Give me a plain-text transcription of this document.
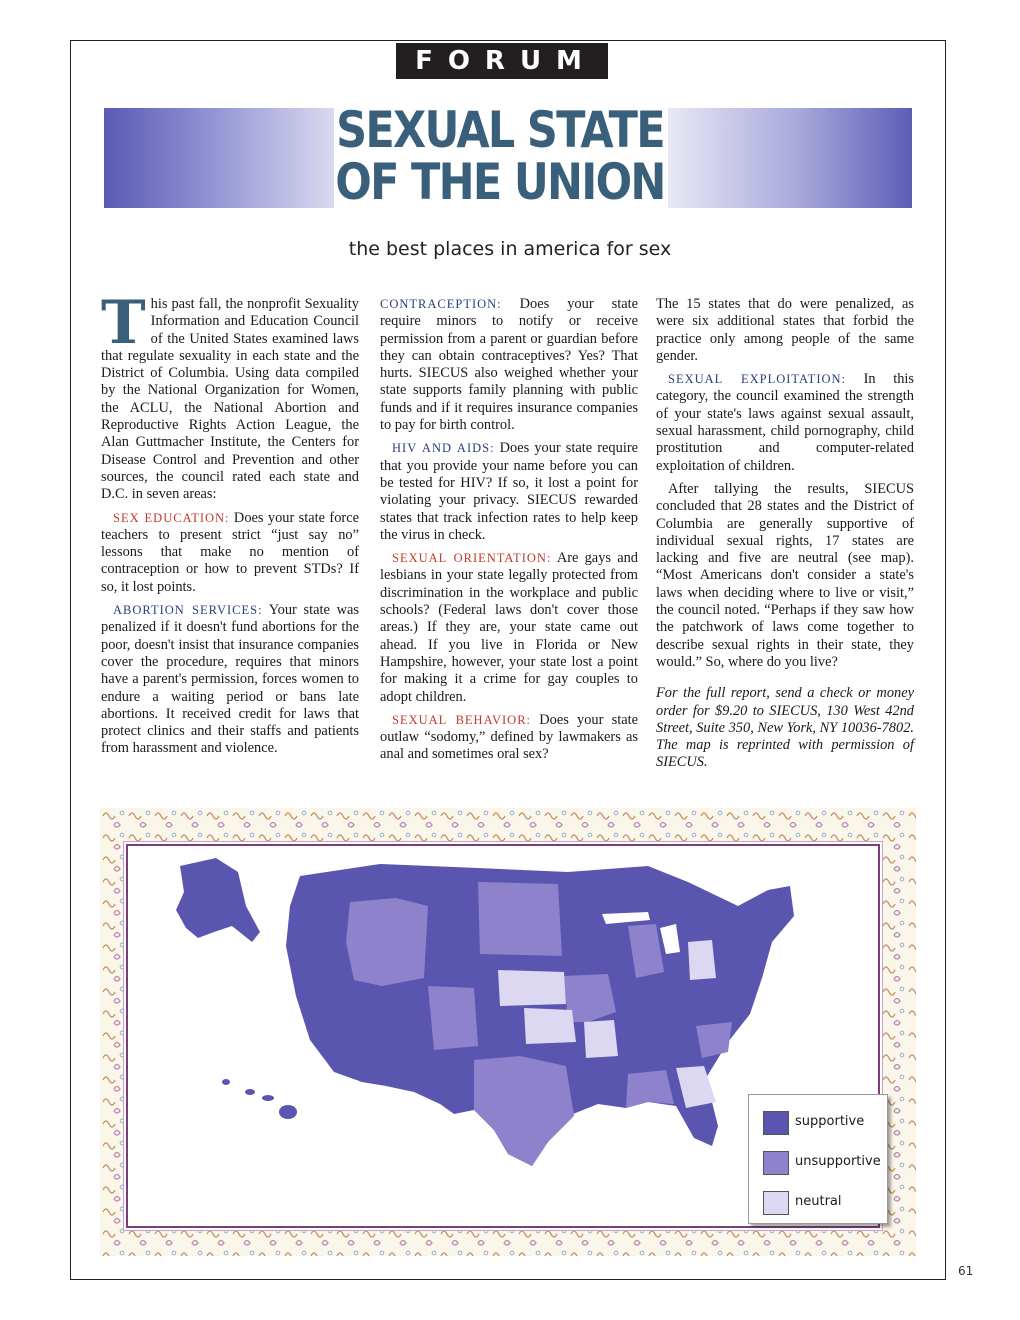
FORUM
SEXUAL STATE
OF THE UNION
the best places in america for sex

This past fall, the nonprofit Sexuality Information and Education Council of the United States examined laws that regulate sexuality in each state and the District of Columbia. Using data compiled by the National Organization for Women, the ACLU, the National Abortion and Reproductive Rights Action League, the Alan Guttmacher Institute, the Centers for Disease Control and Prevention and other sources, the council rated each state and D.C. in seven areas:

SEX EDUCATION: Does your state force teachers to present strict “just say no” lessons that make no mention of contraception or how to prevent STDs? If so, it lost points.

ABORTION SERVICES: Your state was penalized if it doesn't fund abortions for the poor, doesn't insist that insurance companies cover the procedure, requires that minors have a parent's permission, forces women to endure a waiting period or bans late abortions. It received credit for laws that protect clinics and their staffs and patients from harassment and violence.

CONTRACEPTION: Does your state require minors to notify or receive permission from a parent or guardian before they can obtain contraceptives? Yes? That hurts. SIECUS also weighed whether your state supports family planning with public funds and if it requires insurance companies to pay for birth control.

HIV AND AIDS: Does your state require that you provide your name before you can be tested for HIV? If so, it lost a point for violating your privacy. SIECUS rewarded states that track infection rates to help keep the virus in check.

SEXUAL ORIENTATION: Are gays and lesbians in your state legally protected from discrimination in the workplace and public schools? (Federal laws don't cover those areas.) If they are, your state came out ahead. If you live in Florida or New Hampshire, however, your state lost a point for making it a crime for gay couples to adopt children.

SEXUAL BEHAVIOR: Does your state outlaw “sodomy,” defined by lawmakers as anal and sometimes oral sex?

The 15 states that do were penalized, as were six additional states that forbid the practice only among people of the same gender.

SEXUAL EXPLOITATION: In this category, the council examined the strength of your state's laws against sexual assault, sexual harassment, child pornography, child prostitution and computer-related exploitation of children.

After tallying the results, SIECUS concluded that 28 states and the District of Columbia are generally supportive of individual sexual rights, 17 states are lacking and five are neutral (see map). “Most Americans don't consider a state's laws when deciding where to live or visit,” the council noted. “Perhaps if they saw how the patchwork of laws come together to describe sexual rights in their state, they would.” So, where do you live?

For the full report, send a check or money order for $9.20 to SIECUS, 130 West 42nd Street, Suite 350, New York, NY 10036-7802. The map is reprinted with permission of SIECUS.

supportive
unsupportive
neutral
61
